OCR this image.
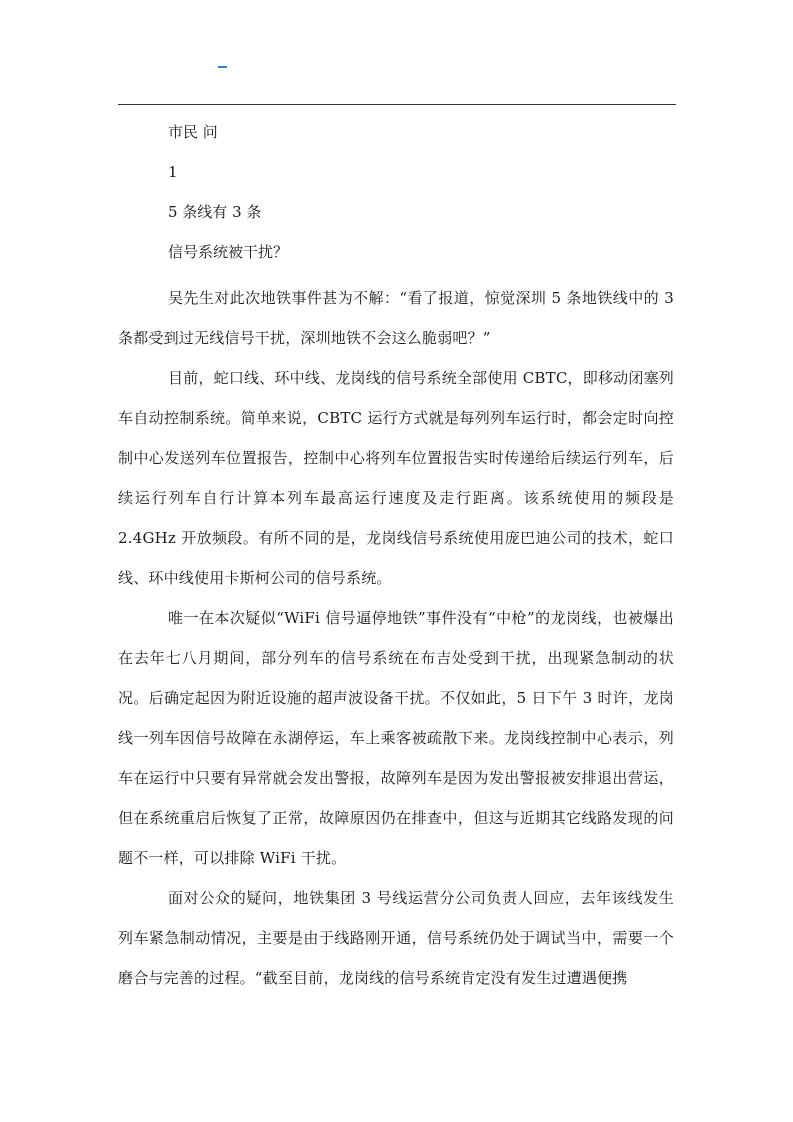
市民 问

1

5 条线有 3 条

信号系统被干扰？

吴先生对此次地铁事件甚为不解：“看了报道，惊觉深圳 5 条地铁线中的 3 条都受到过无线信号干扰，深圳地铁不会这么脆弱吧？”

目前，蛇口线、环中线、龙岗线的信号系统全部使用 CBTC，即移动闭塞列车自动控制系统。简单来说，CBTC 运行方式就是每列列车运行时，都会定时向控制中心发送列车位置报告，控制中心将列车位置报告实时传递给后续运行列车，后续运行列车自行计算本列车最高运行速度及走行距离。该系统使用的频段是 2.4GHz 开放频段。有所不同的是，龙岗线信号系统使用庞巴迪公司的技术，蛇口线、环中线使用卡斯柯公司的信号系统。

唯一在本次疑似“WiFi 信号逼停地铁”事件没有“中枪”的龙岗线，也被爆出在去年七八月期间，部分列车的信号系统在布吉处受到干扰，出现紧急制动的状况。后确定起因为附近设施的超声波设备干扰。不仅如此，5 日下午 3 时许，龙岗线一列车因信号故障在永湖停运，车上乘客被疏散下来。龙岗线控制中心表示，列车在运行中只要有异常就会发出警报，故障列车是因为发出警报被安排退出营运，但在系统重启后恢复了正常，故障原因仍在排查中，但这与近期其它线路发现的问题不一样，可以排除 WiFi 干扰。

面对公众的疑问，地铁集团 3 号线运营分公司负责人回应，去年该线发生列车紧急制动情况，主要是由于线路刚开通，信号系统仍处于调试当中，需要一个磨合与完善的过程。“截至目前，龙岗线的信号系统肯定没有发生过遭遇便携
